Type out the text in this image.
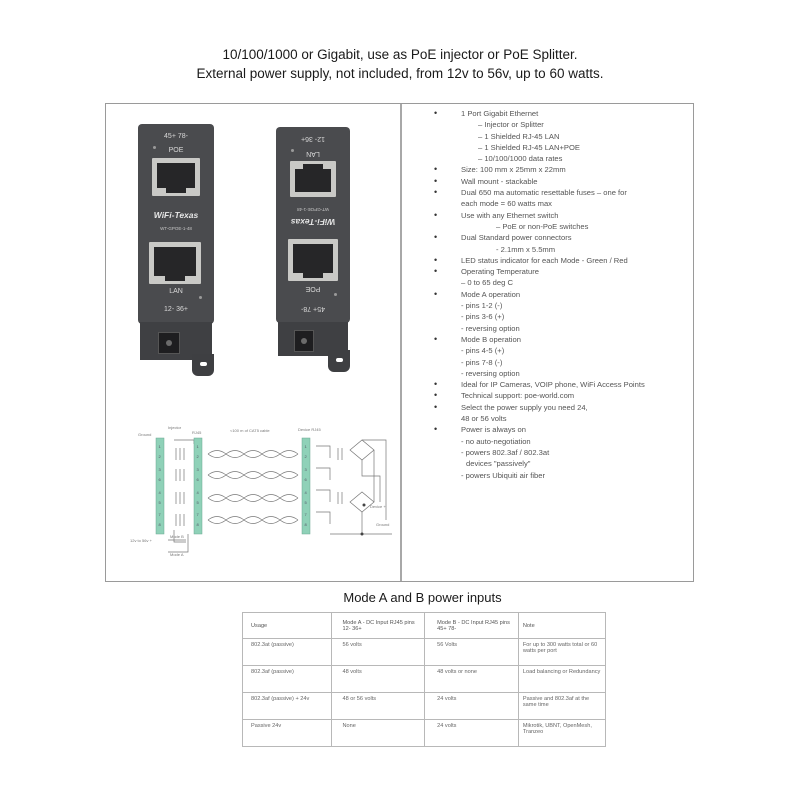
10/100/1000 or Gigabit, use as PoE injector or PoE Splitter.
External power supply, not included, from 12v to 56v, up to 60 watts.
45+ 78-
POE
WiFi-Texas
WT-GPOE-1-48
LAN
12- 36+
12- 36+
LAN
WT-GPOE-1-48
WiFi-Texas
POE
45+ 78-
Ground
Injector
RJ45	<100 m of CAT5 cable	Device RJ45
Device +
Ground
12v to 56v +
Mode B
Mode A
1
2
3
6
4
5
7
8
1
2
3
6
4
5
7
8
1
2
3
6
4
5
7
8
• 1 Port Gigabit Ethernet
– Injector or Splitter
– 1 Shielded RJ-45 LAN
– 1 Shielded RJ-45 LAN+POE
– 10/100/1000 data rates
• Size: 100 mm x 25mm x 22mm
• Wall mount - stackable
• Dual 650 ma automatic resettable fuses – one for
each mode = 60 watts max
• Use with any Ethernet switch
– PoE or non-PoE switches
• Dual Standard power connectors
- 2.1mm x 5.5mm
• LED status indicator for each Mode - Green / Red
• Operating Temperature
– 0 to 65 deg C
• Mode A operation
- pins 1-2 (-)
- pins 3-6 (+)
- reversing option
• Mode B operation
- pins 4-5 (+)
- pins 7-8 (-)
- reversing option
• Ideal for IP Cameras, VOIP phone, WiFi Access Points
• Technical support: poe-world.com
• Select the power supply you need 24,
48 or 56 volts
• Power is always on
- no auto-negotiation
- powers 802.3af / 802.3at
devices "passively"
- powers Ubiquiti air fiber
Mode A and B power inputs
Usage	Mode A - DC Input RJ45 pins 12- 36+	Mode B - DC Input RJ45 pins 45+ 78-	Note
802.3at (passive)	56 volts	56 Volts	For up to 300 watts total or 60 watts per port
802.3af (passive)	48 volts	48 volts or none	Load balancing or Redundancy
802.3af (passive) + 24v	48 or 56 volts	24 volts	Passive and 802.3af at the same time
Passive 24v	None	24 volts	Mikrotik, UBNT, OpenMesh, Tranzeo
